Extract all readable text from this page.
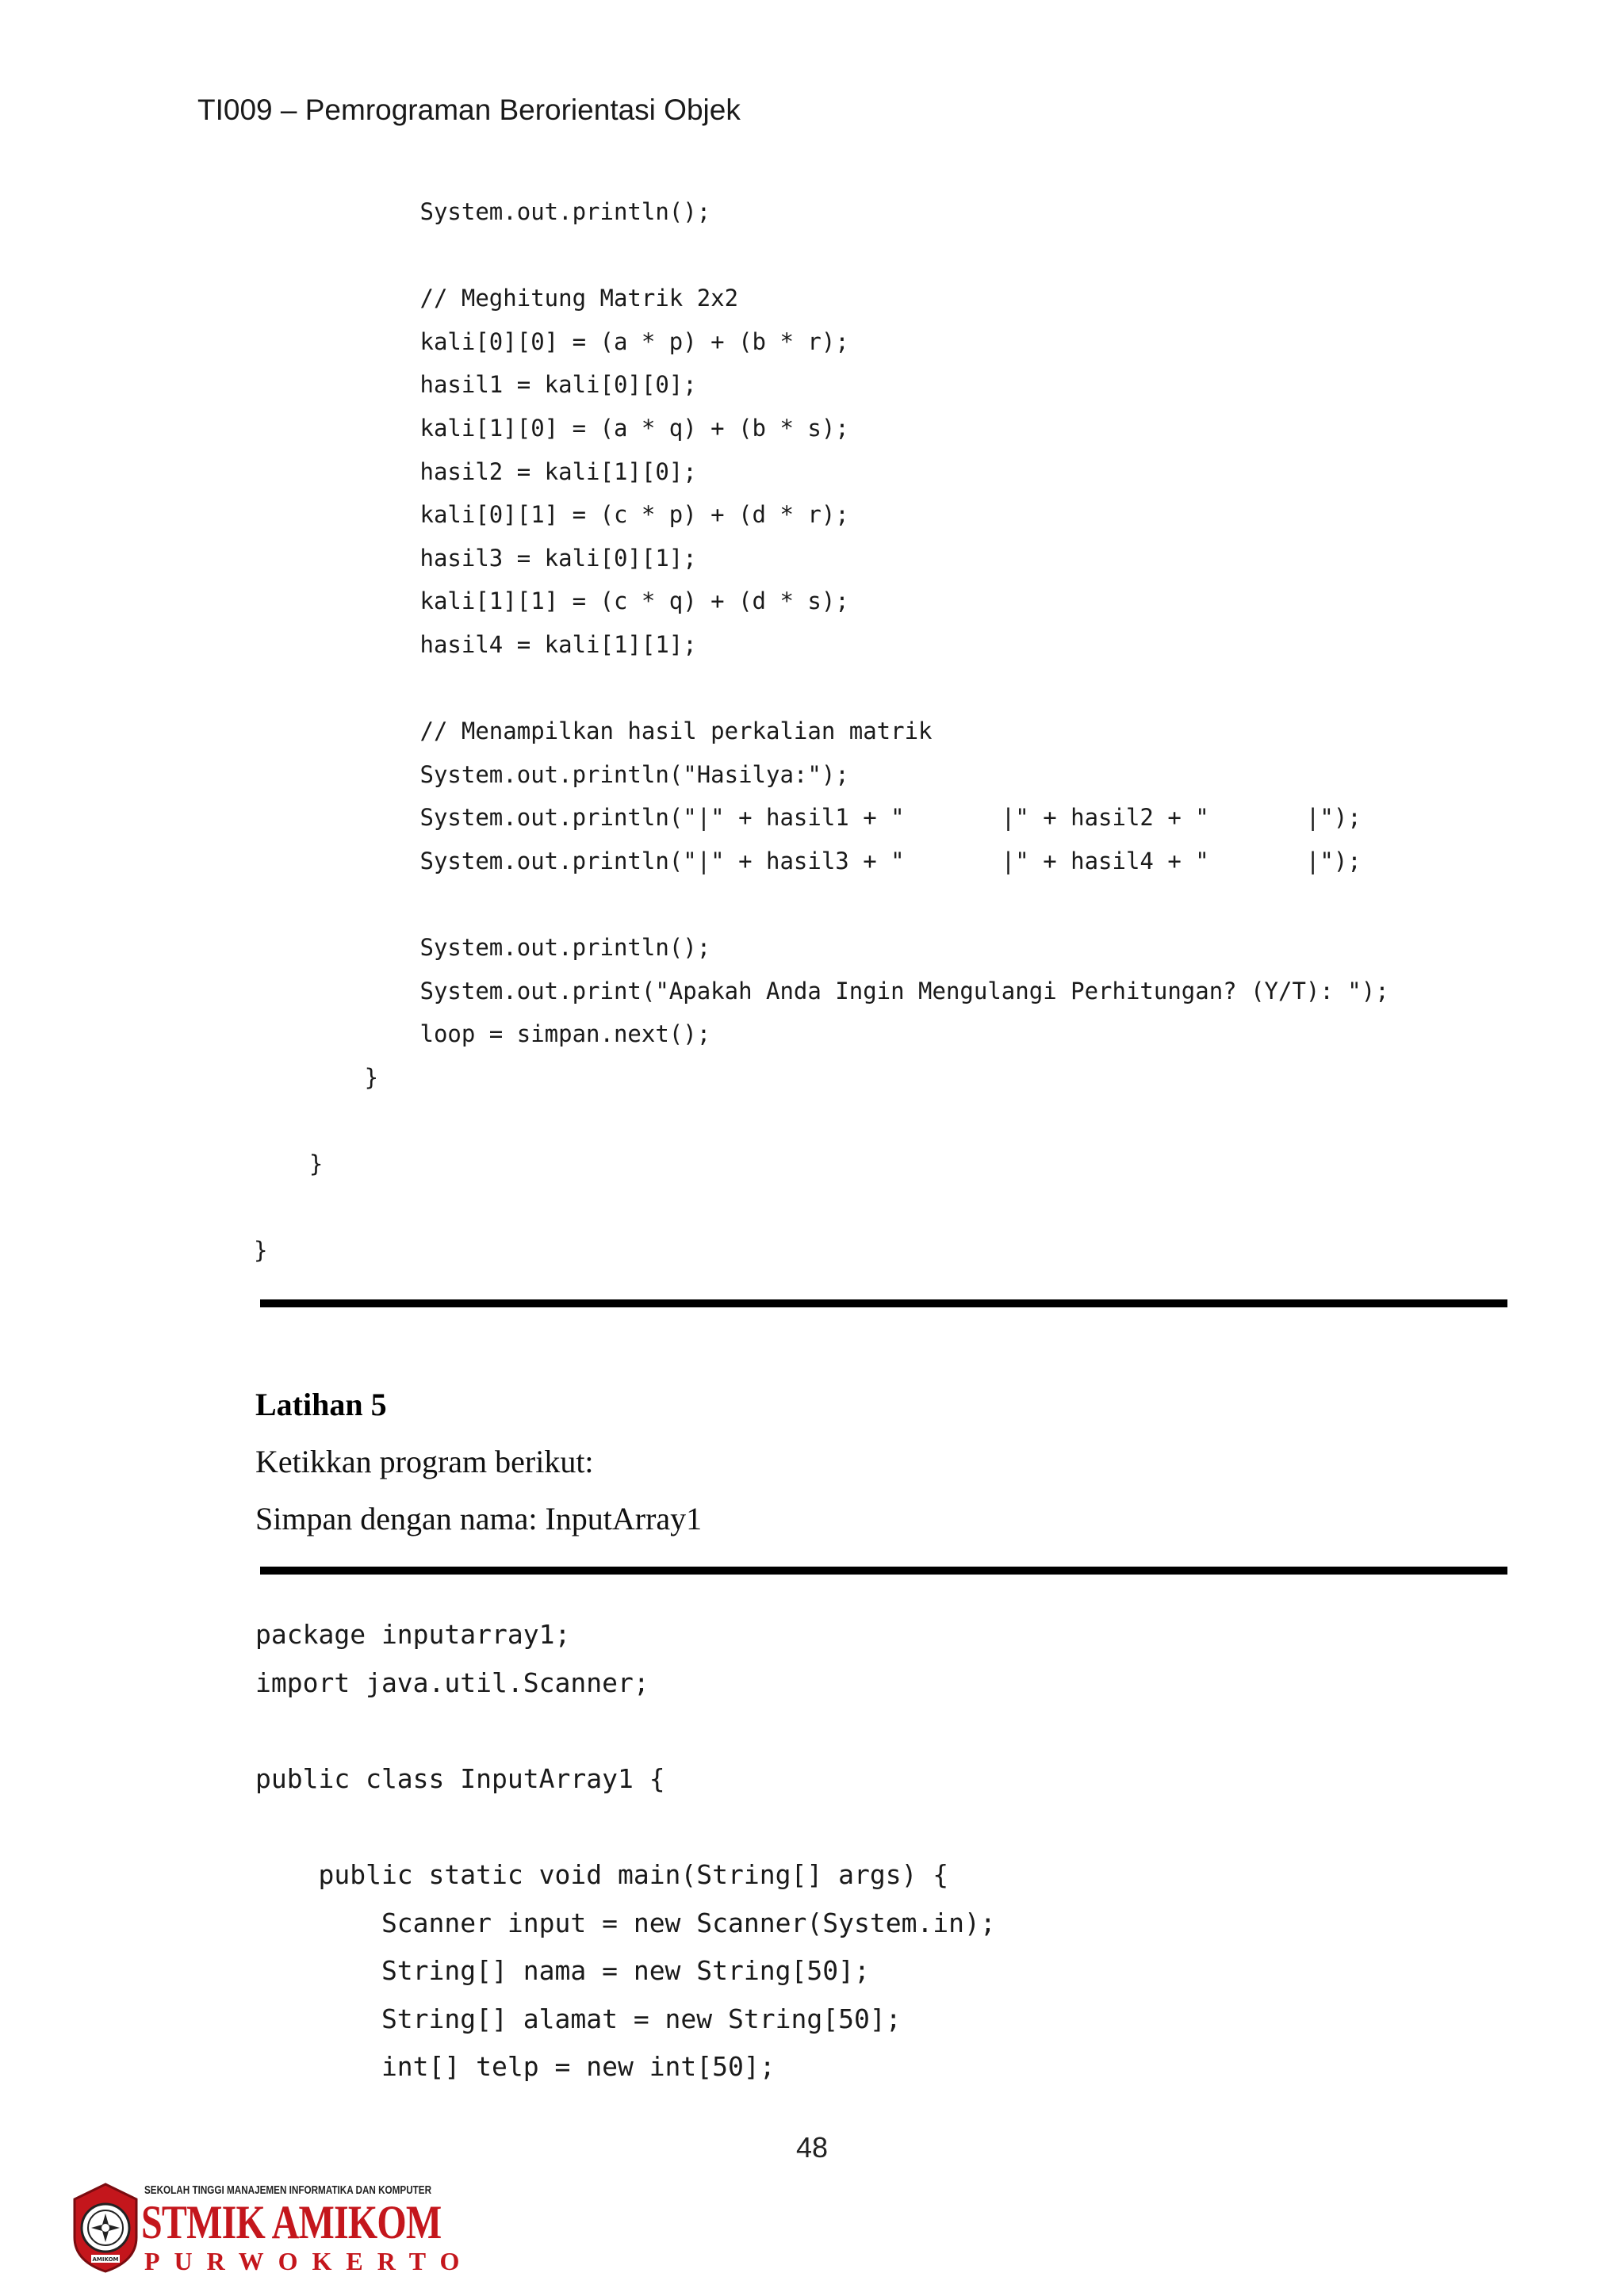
TI009 – Pemrograman Berorientasi Objek
System.out.println();
// Meghitung Matrik 2x2
kali[0][0] = (a * p) + (b * r);
hasil1 = kali[0][0];
kali[1][0] = (a * q) + (b * s);
hasil2 = kali[1][0];
kali[0][1] = (c * p) + (d * r);
hasil3 = kali[0][1];
kali[1][1] = (c * q) + (d * s);
hasil4 = kali[1][1];
// Menampilkan hasil perkalian matrik
System.out.println("Hasilya:");
System.out.println("|" + hasil1 + "       |" + hasil2 + "       |");
System.out.println("|" + hasil3 + "       |" + hasil4 + "       |");
System.out.println();
System.out.print("Apakah Anda Ingin Mengulangi Perhitungan? (Y/T): ");
loop = simpan.next();
}
}
}
Latihan 5
Ketikkan program berikut:
Simpan dengan nama: InputArray1
package inputarray1;
import java.util.Scanner;
public class InputArray1 {
public static void main(String[] args) {
Scanner input = new Scanner(System.in);
String[] nama = new String[50];
String[] alamat = new String[50];
int[] telp = new int[50];
48
AMIKOM
SEKOLAH TINGGI MANAJEMEN INFORMATIKA DAN KOMPUTER
STMIK AMIKOM
PURWOKERTO
